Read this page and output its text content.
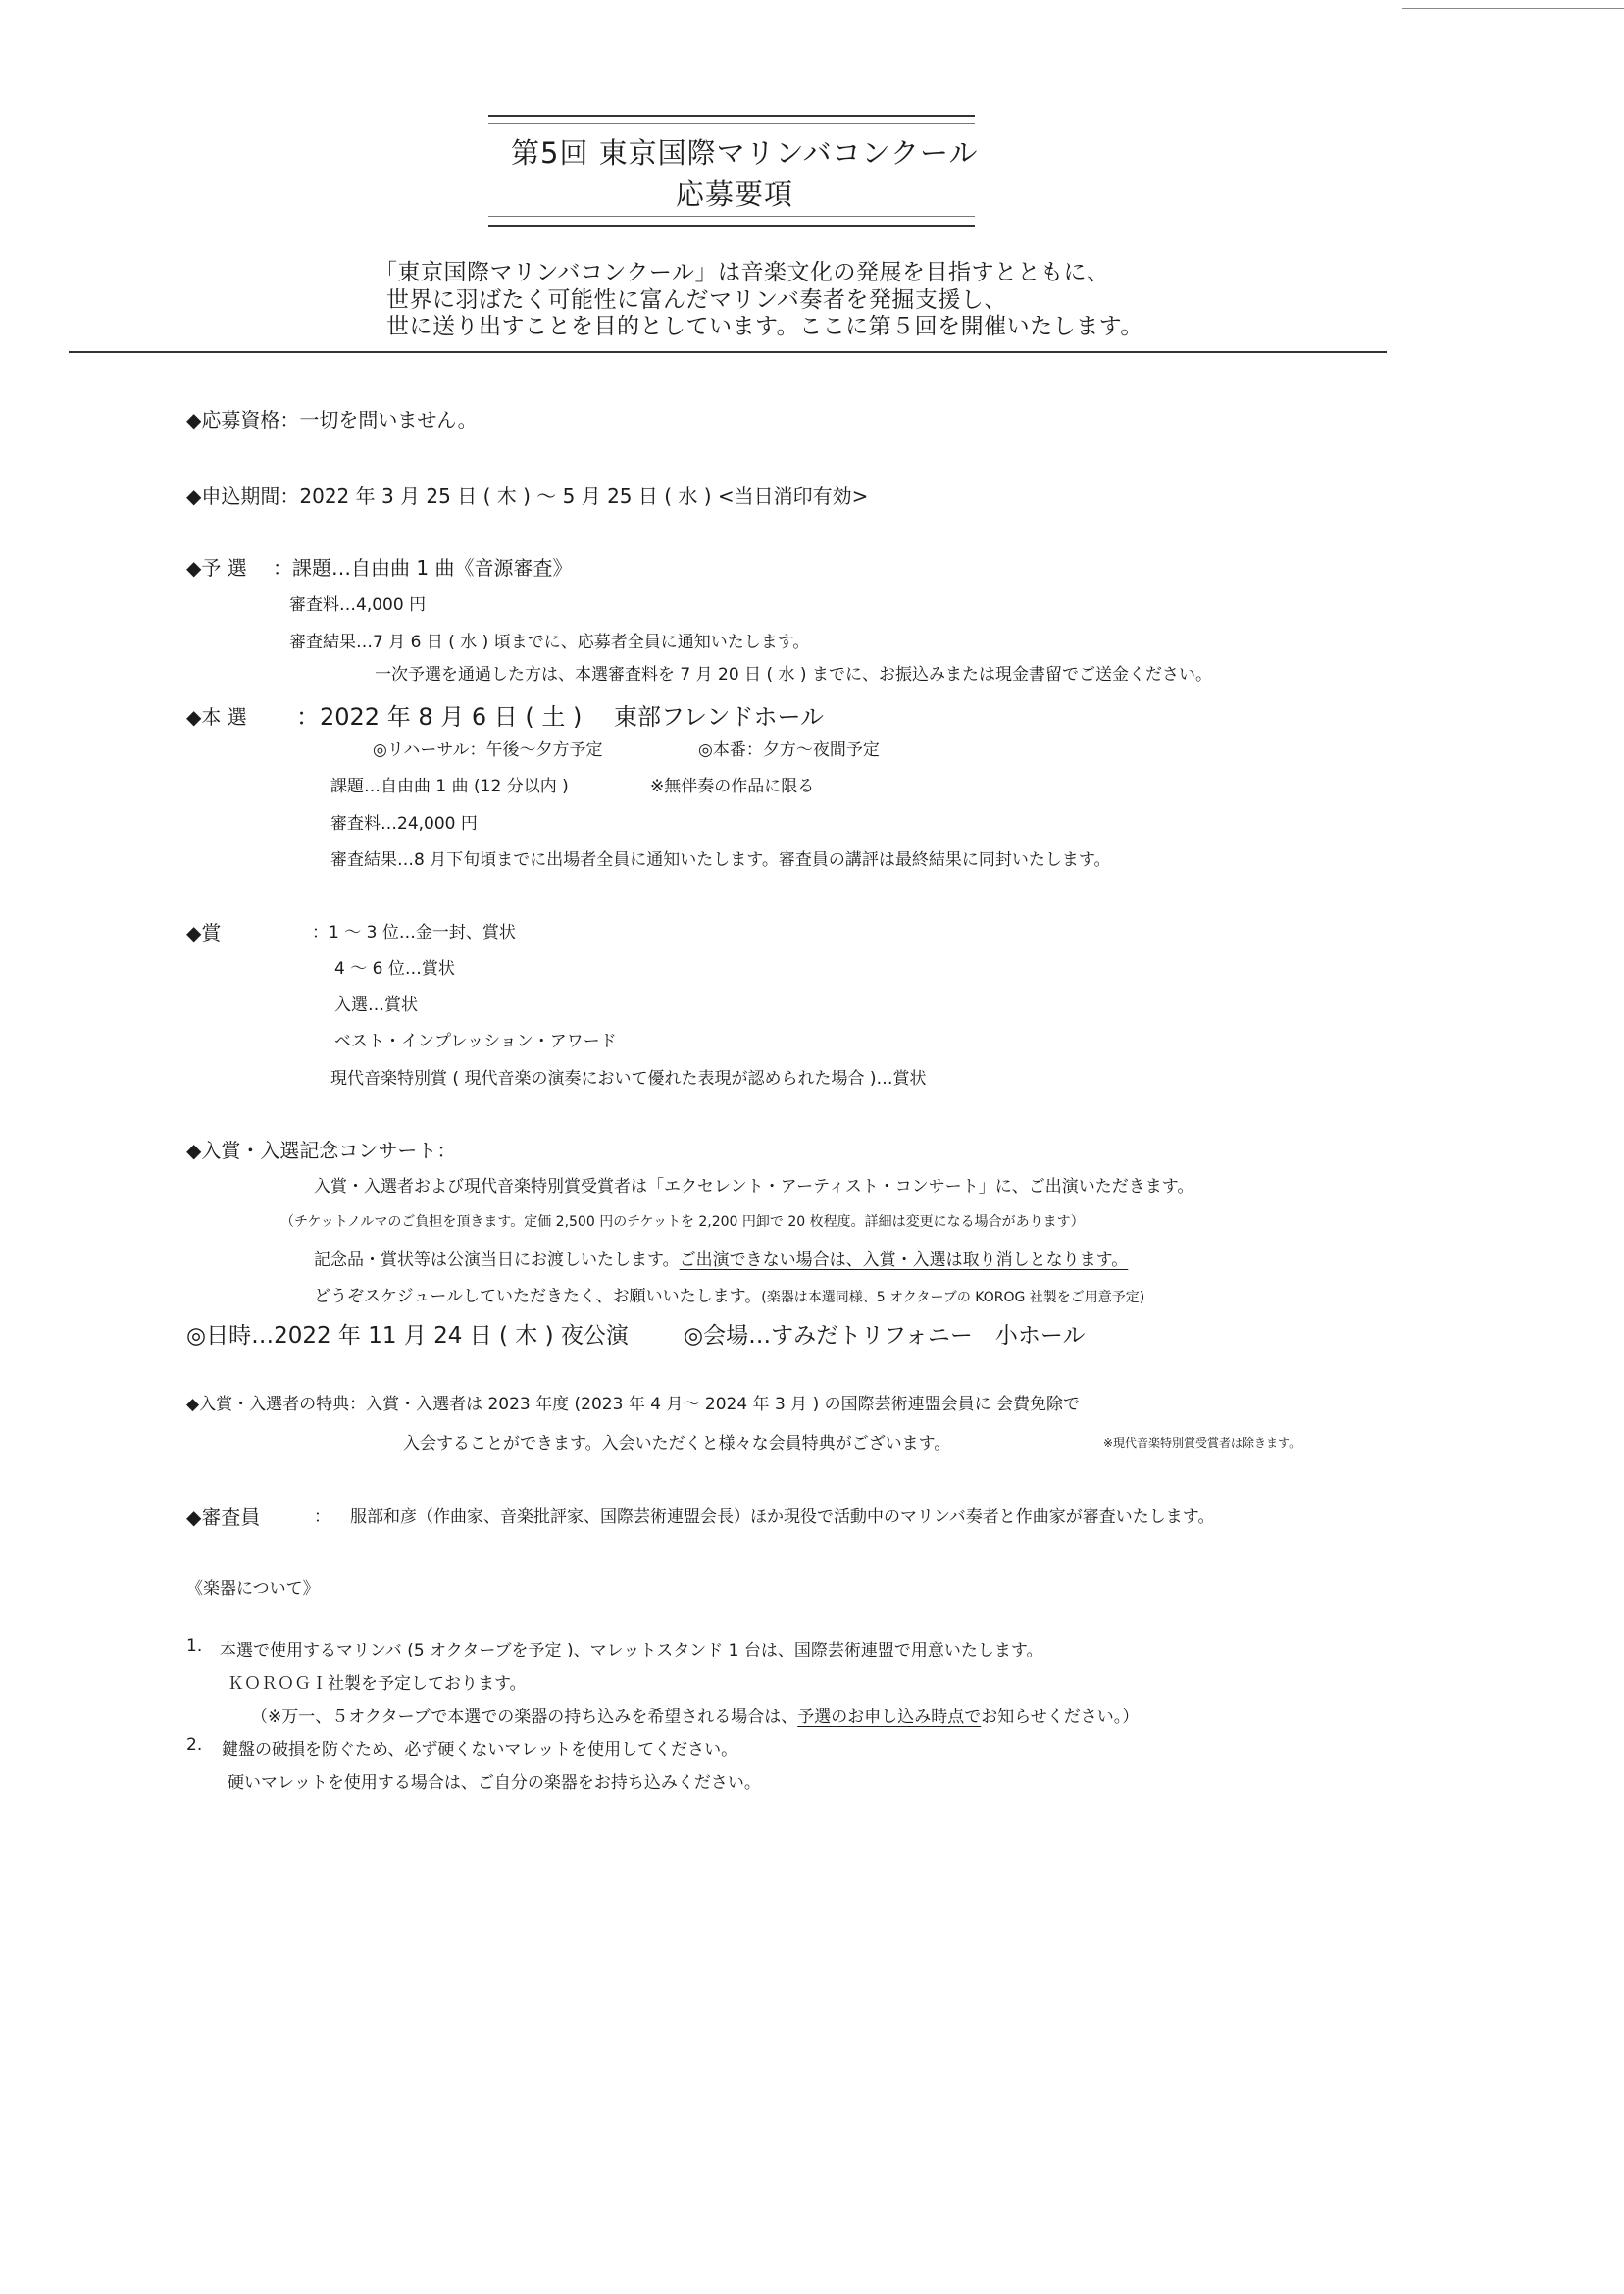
第5回 東京国際マリンバコンクール
応募要項
「東京国際マリンバコンクール」は音楽文化の発展を目指すとともに、
世界に羽ばたく可能性に富んだマリンバ奏者を発掘支援し、
世に送り出すことを目的としています。ここに第５回を開催いたします。
◆応募資格：一切を問いません。
◆申込期間：2022 年 3 月 25 日 ( 木 ) 〜 5 月 25 日 ( 水 ) <当日消印有効>
◆予 選 ：課題…自由曲 1 曲《音源審査》
審査料…4,000 円
審査結果…7 月 6 日 ( 水 ) 頃までに、応募者全員に通知いたします。
一次予選を通過した方は、本選審査料を 7 月 20 日 ( 水 ) までに、お振込みまたは現金書留でご送金ください。
◆本 選 ：2022 年 8 月 6 日 ( 土 ) 東部フレンドホール
◎リハーサル：午後〜夕方予定	◎本番：夕方〜夜間予定
課題…自由曲 1 曲 (12 分以内 )	※無伴奏の作品に限る
審査料…24,000 円
審査結果…8 月下旬頃までに出場者全員に通知いたします。審査員の講評は最終結果に同封いたします。
◆賞	：1 〜 3 位…金一封、賞状
4 〜 6 位…賞状
入選…賞状
ベスト・インプレッション・アワード
現代音楽特別賞 ( 現代音楽の演奏において優れた表現が認められた場合 )…賞状
◆入賞・入選記念コンサート：
入賞・入選者および現代音楽特別賞受賞者は「エクセレント・アーティスト・コンサート」に、ご出演いただきます。
（チケットノルマのご負担を頂きます。定価 2,500 円のチケットを 2,200 円卸で 20 枚程度。詳細は変更になる場合があります）
記念品・賞状等は公演当日にお渡しいたします。ご出演できない場合は、入賞・入選は取り消しとなります。
どうぞスケジュールしていただきたく、お願いいたします。(楽器は本選同様、5 オクターブの KOROG 社製をご用意予定)
◎日時…2022 年 11 月 24 日 ( 木 ) 夜公演 ◎会場…すみだトリフォニー　小ホール
◆入賞・入選者の特典：入賞・入選者は 2023 年度 (2023 年 4 月〜 2024 年 3 月 ) の国際芸術連盟会員に 会費免除で
入会することができます。入会いただくと様々な会員特典がございます。	※現代音楽特別賞受賞者は除きます。
◆審査員	： 服部和彦（作曲家、音楽批評家、国際芸術連盟会長）ほか現役で活動中のマリンバ奏者と作曲家が審査いたします。
《楽器について》
1. 本選で使用するマリンバ (5 オクターブを予定 )、マレットスタンド 1 台は、国際芸術連盟で用意いたします。
ＫＯＲＯＧＩ社製を予定しております。
（※万一、５オクターブで本選での楽器の持ち込みを希望される場合は、予選のお申し込み時点でお知らせください。）
2. 鍵盤の破損を防ぐため、必ず硬くないマレットを使用してください。
硬いマレットを使用する場合は、ご自分の楽器をお持ち込みください。
